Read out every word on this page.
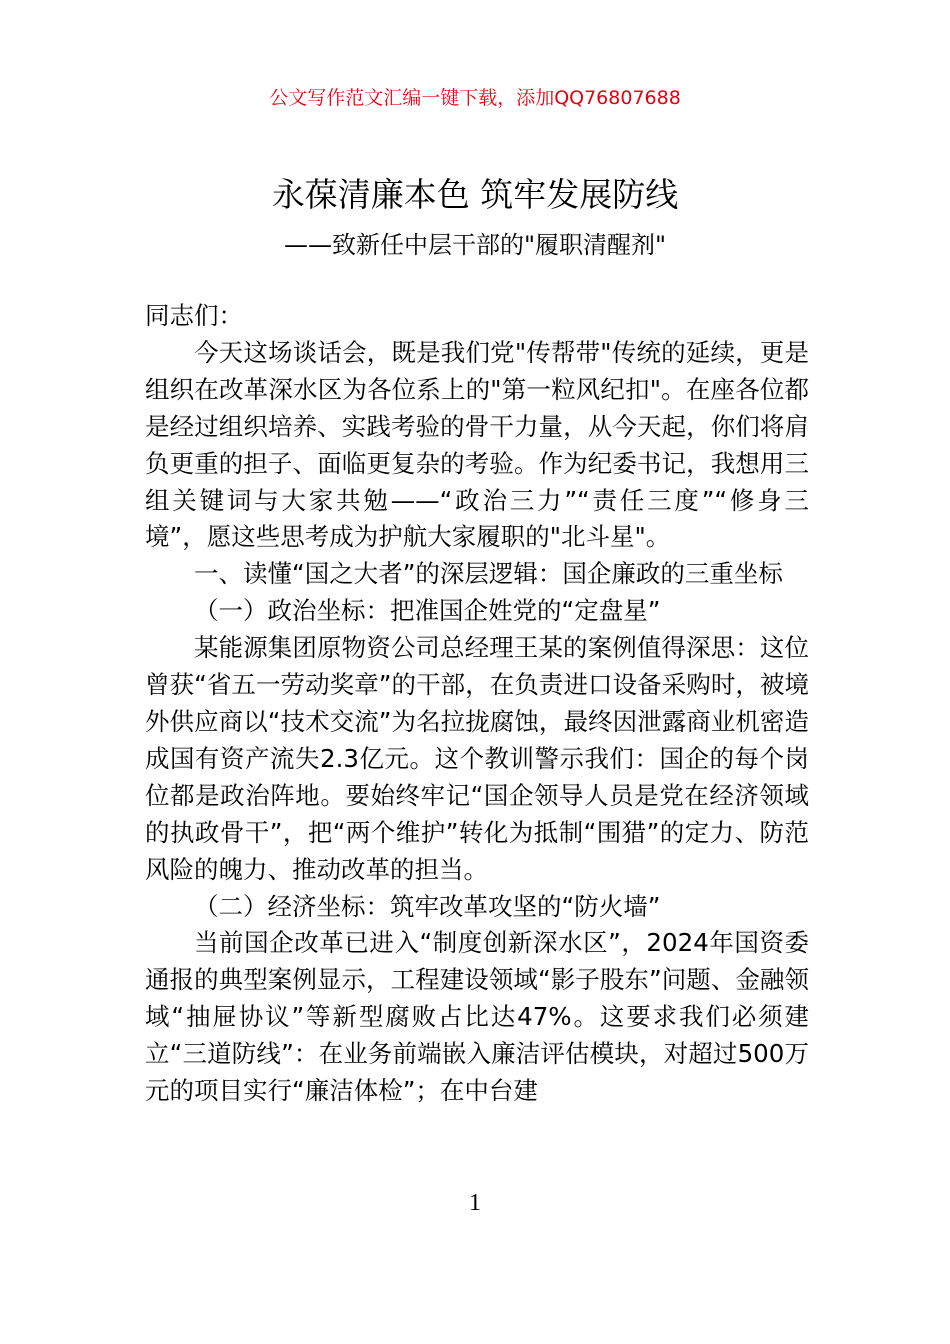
公文写作范文汇编一键下载，添加QQ76807688
永葆清廉本色 筑牢发展防线
——致新任中层干部的"履职清醒剂"

同志们：

今天这场谈话会，既是我们党"传帮带"传统的延续，更是组织在改革深水区为各位系上的"第一粒风纪扣"。在座各位都是经过组织培养、实践考验的骨干力量，从今天起，你们将肩负更重的担子、面临更复杂的考验。作为纪委书记，我想用三组关键词与大家共勉——“政治三力”“责任三度”“修身三境”，愿这些思考成为护航大家履职的"北斗星"。

一、读懂“国之大者”的深层逻辑：国企廉政的三重坐标

（一）政治坐标：把准国企姓党的“定盘星”

某能源集团原物资公司总经理王某的案例值得深思：这位曾获“省五一劳动奖章”的干部，在负责进口设备采购时，被境外供应商以“技术交流”为名拉拢腐蚀，最终因泄露商业机密造成国有资产流失2.3亿元。这个教训警示我们：国企的每个岗位都是政治阵地。要始终牢记“国企领导人员是党在经济领域的执政骨干”，把“两个维护”转化为抵制“围猎”的定力、防范风险的魄力、推动改革的担当。

（二）经济坐标：筑牢改革攻坚的“防火墙”

当前国企改革已进入“制度创新深水区”，2024年国资委通报的典型案例显示，工程建设领域“影子股东”问题、金融领域“抽屉协议”等新型腐败占比达47%。这要求我们必须建立“三道防线”：在业务前端嵌入廉洁评估模块，对超过500万元的项目实行“廉洁体检”；在中台建

1
